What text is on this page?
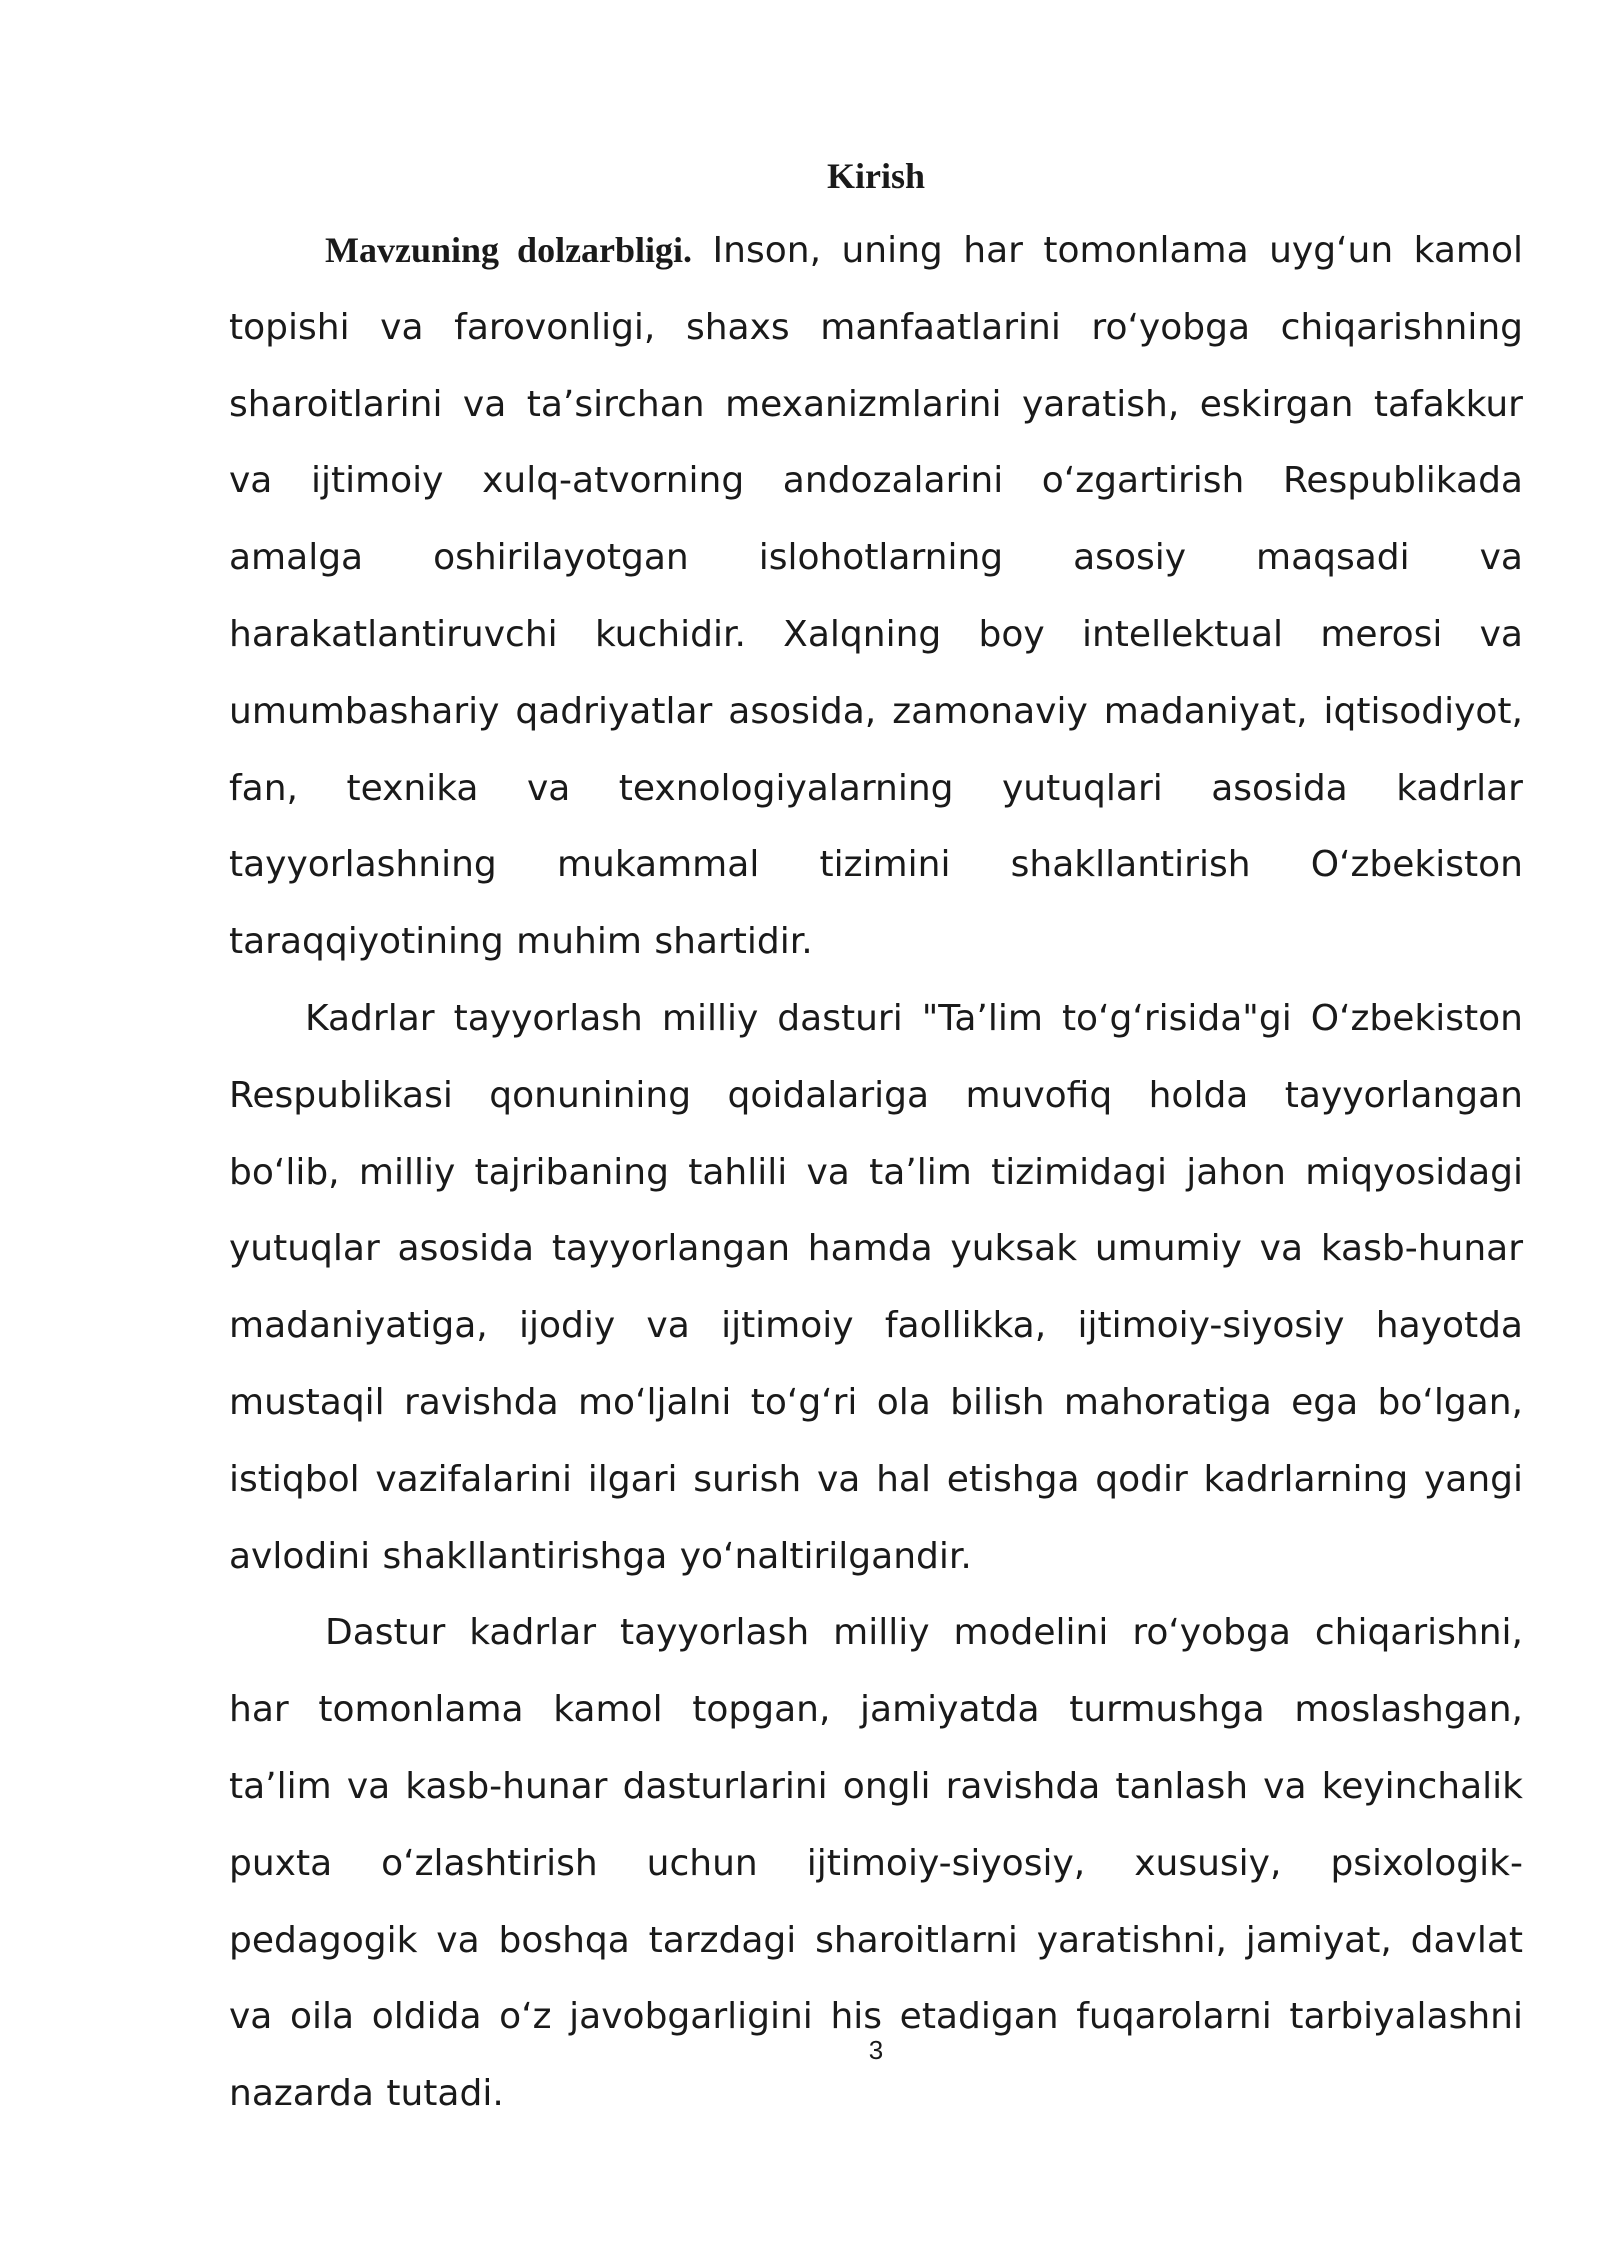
Kirish

Mavzuning dolzarbligi. Inson, uning har tomonlama uygʻun kamol topishi va farovonligi, shaxs manfaatlarini roʻyobga chiqarishning sharoitlarini va taʼsirchan mexanizmlarini yaratish, eskirgan tafakkur va ijtimoiy xulq-atvorning andozalarini oʻzgartirish Respublikada amalga oshirilayotgan islohotlarning asosiy maqsadi va harakatlantiruvchi kuchidir. Xalqning boy intellektual merosi va umumbashariy qadriyatlar asosida, zamonaviy madaniyat, iqtisodiyot, fan, texnika va texnologiyalarning yutuqlari asosida kadrlar tayyorlashning mukammal tizimini shakllantirish Oʻzbekiston taraqqiyotining muhim shartidir.

Kadrlar tayyorlash milliy dasturi "Taʼlim toʻgʻrisida"gi Oʻzbekiston Respublikasi qonunining qoidalariga muvofiq holda tayyorlangan boʻlib, milliy tajribaning tahlili va taʼlim tizimidagi jahon miqyosidagi yutuqlar asosida tayyorlangan hamda yuksak umumiy va kasb-hunar madaniyatiga, ijodiy va ijtimoiy faollikka, ijtimoiy-siyosiy hayotda mustaqil ravishda moʻljalni toʻgʻri ola bilish mahoratiga ega boʻlgan, istiqbol vazifalarini ilgari surish va hal etishga qodir kadrlarning yangi avlodini shakllantirishga yoʻnaltirilgandir.

Dastur kadrlar tayyorlash milliy modelini roʻyobga chiqarishni, har tomonlama kamol topgan, jamiyatda turmushga moslashgan, taʼlim va kasb-hunar dasturlarini ongli ravishda tanlash va keyinchalik puxta oʻzlashtirish uchun ijtimoiy-siyosiy, xususiy, psixologik-pedagogik va boshqa tarzdagi sharoitlarni yaratishni, jamiyat, davlat va oila oldida oʻz javobgarligini his etadigan fuqarolarni tarbiyalashni nazarda tutadi.

3
